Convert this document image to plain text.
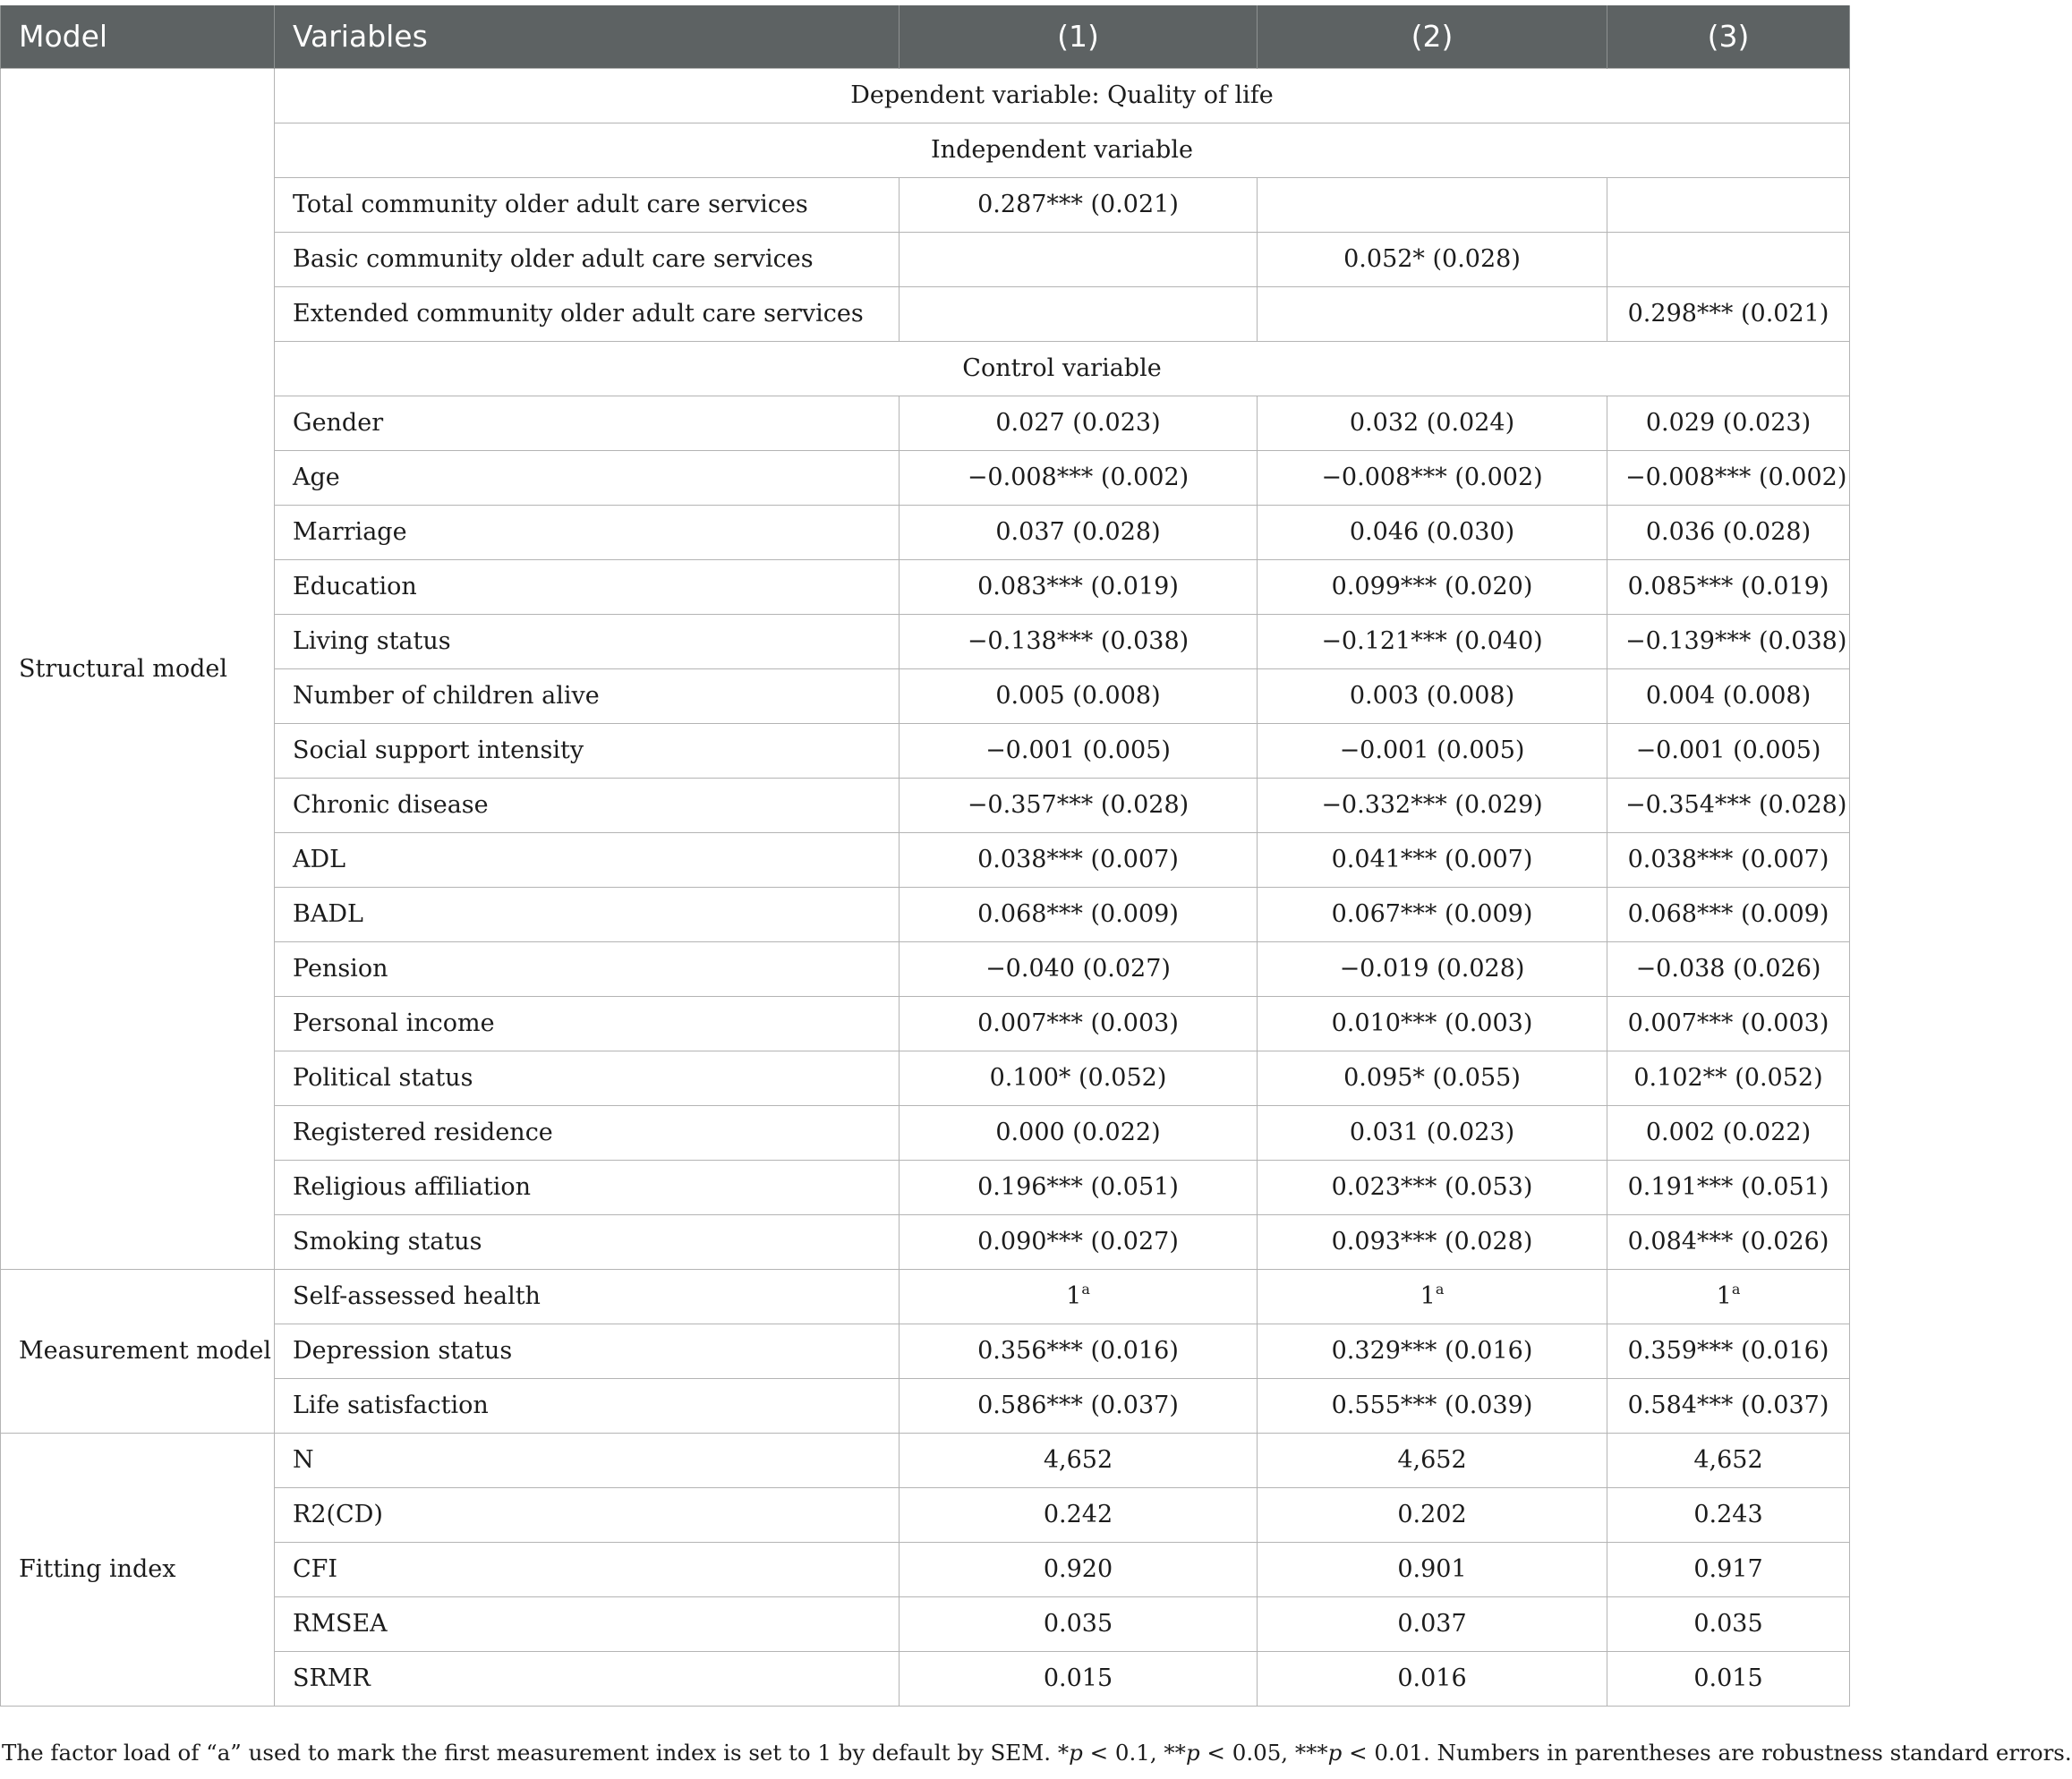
Model	Variables	(1)	(2)	(3)
Structural model	Dependent variable: Quality of life			
	Independent variable			
	Total community older adult care services	0.287*** (0.021)		
	Basic community older adult care services		0.052* (0.028)	
	Extended community older adult care services			0.298*** (0.021)
	Control variable			
	Gender	0.027 (0.023)	0.032 (0.024)	0.029 (0.023)
	Age	−0.008*** (0.002)	−0.008*** (0.002)	−0.008*** (0.002)
	Marriage	0.037 (0.028)	0.046 (0.030)	0.036 (0.028)
	Education	0.083*** (0.019)	0.099*** (0.020)	0.085*** (0.019)
	Living status	−0.138*** (0.038)	−0.121*** (0.040)	−0.139*** (0.038)
	Number of children alive	0.005 (0.008)	0.003 (0.008)	0.004 (0.008)
	Social support intensity	−0.001 (0.005)	−0.001 (0.005)	−0.001 (0.005)
	Chronic disease	−0.357*** (0.028)	−0.332*** (0.029)	−0.354*** (0.028)
	ADL	0.038*** (0.007)	0.041*** (0.007)	0.038*** (0.007)
	BADL	0.068*** (0.009)	0.067*** (0.009)	0.068*** (0.009)
	Pension	−0.040 (0.027)	−0.019 (0.028)	−0.038 (0.026)
	Personal income	0.007*** (0.003)	0.010*** (0.003)	0.007*** (0.003)
	Political status	0.100* (0.052)	0.095* (0.055)	0.102** (0.052)
	Registered residence	0.000 (0.022)	0.031 (0.023)	0.002 (0.022)
	Religious affiliation	0.196*** (0.051)	0.023*** (0.053)	0.191*** (0.051)
	Smoking status	0.090*** (0.027)	0.093*** (0.028)	0.084*** (0.026)
Measurement model	Self-assessed health	1$^a$	1$^a$	1$^a$
	Depression status	0.356*** (0.016)	0.329*** (0.016)	0.359*** (0.016)
	Life satisfaction	0.586*** (0.037)	0.555*** (0.039)	0.584*** (0.037)
Fitting index	N	4,652	4,652	4,652
	R2(CD)	0.242	0.202	0.243
	CFI	0.920	0.901	0.917
	RMSEA	0.035	0.037	0.035
	SRMR	0.015	0.016	0.015
The factor load of “a” used to mark the first measurement index is set to 1 by default by SEM. *p < 0.1, **p < 0.05, ***p < 0.01. Numbers in parentheses are robustness standard errors.
